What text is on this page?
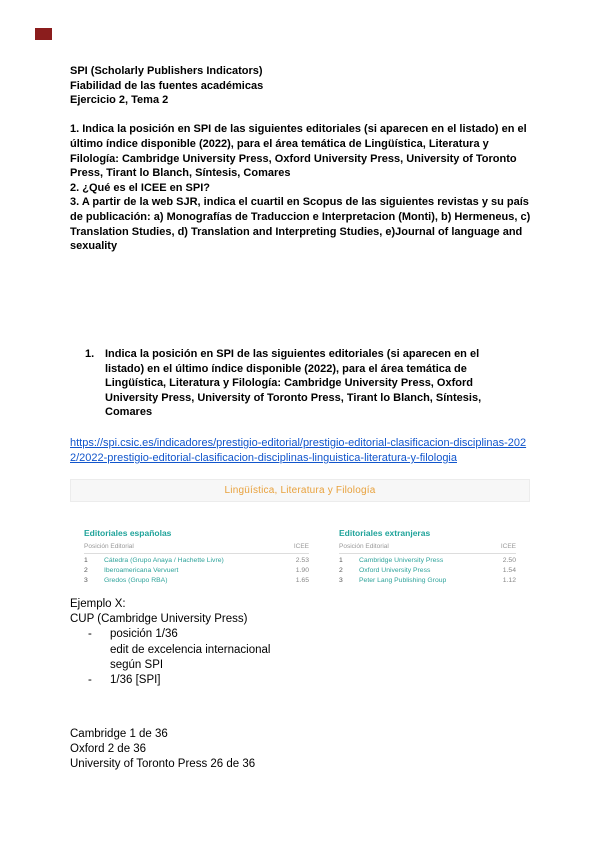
SPI (Scholarly Publishers Indicators)

Fiabilidad de las fuentes académicas

Ejercicio 2, Tema 2

1. Indica la posición en SPI de las siguientes editoriales (si aparecen en el listado) en el último índice disponible (2022), para el área temática de Lingüística, Literatura y Filología: Cambridge University Press, Oxford University Press, University of Toronto Press, Tirant lo Blanch, Síntesis, Comares

2. ¿Qué es el ICEE en SPI?

3. A partir de la web SJR, indica el cuartil en Scopus de las siguientes revistas y su país de publicación: a) Monografías de Traduccion e Interpretacion (Monti), b) Hermeneus, c)

Translation Studies, d) Translation and Interpreting Studies, e)Journal of language and sexuality

1. Indica la posición en SPI de las siguientes editoriales (si aparecen en el listado) en el último índice disponible (2022), para el área temática de Lingüística, Literatura y Filología: Cambridge University Press, Oxford University Press, University of Toronto Press, Tirant lo Blanch, Síntesis, Comares
https://spi.csic.es/indicadores/prestigio-editorial/prestigio-editorial-clasificacion-disciplinas-2022/2022-prestigio-editorial-clasificacion-disciplinas-linguistica-literatura-y-filologia
Lingüística, Literatura y Filología

Editoriales españolas

Posición Editorial	ICEE
1	Cátedra (Grupo Anaya / Hachette Livre)	2.53
2	Iberoamericana Vervuert	1.90
3	Gredos (Grupo RBA)	1.65

Editoriales extranjeras

Posición Editorial	ICEE
1	Cambridge University Press	2.50
2	Oxford University Press	1.54
3	Peter Lang Publishing Group	1.12

Ejemplo X:

CUP (Cambridge University Press)

-	posición 1/36

edit de excelencia internacional

según SPI

-	1/36 [SPI]

Cambridge 1 de 36

Oxford 2 de 36

University of Toronto Press 26 de 36
